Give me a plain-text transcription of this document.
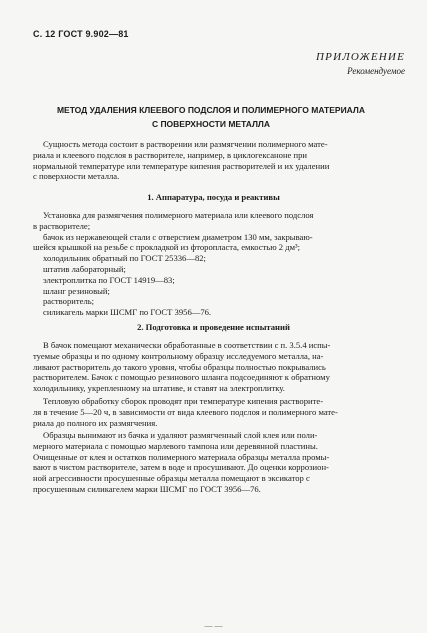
С. 12 ГОСТ 9.902—81
ПРИЛОЖЕНИЕ
Рекомендуемое
МЕТОД УДАЛЕНИЯ КЛЕЕВОГО ПОДСЛОЯ И ПОЛИМЕРНОГО МАТЕРИАЛА
С ПОВЕРХНОСТИ МЕТАЛЛА

Сущность метода состоит в растворении или размягчении полимерного мате-

риала и клеевого подслоя в растворителе, например, в циклогексаноне при

нормальной температуре или температуре кипения растворителей и их удалении

с поверхности металла.

1. Аппаратура, посуда и реактивы

Установка для размягчения полимерного материала или клеевого подслоя

в растворителе;

бачок из нержавеющей стали с отверстием диаметром 130 мм, закрываю-

шейся крышкой на резьбе с прокладкой из фторопласта, емкостью 2 дм³;

холодильник обратный по ГОСТ 25336—82;

штатив лабораторный;

электроплитка по ГОСТ 14919—83;

шланг резиновый;

растворитель;

силикагель марки ШСМГ по ГОСТ 3956—76.

2. Подготовка и проведение испытаний

В бачок помещают механически обработанные в соответствии с п. 3.5.4 испы-

туемые образцы и по одному контрольному образцу исследуемого металла, на-

ливают растворитель до такого уровня, чтобы образцы полностью покрывались

растворителем. Бачок с помощью резинового шланга подсоединяют к обратному

холодильнику, укрепленному на штативе, и ставят на электроплитку.

Тепловую обработку сборок проводят при температуре кипения растворите-

ля в течение 5—20 ч, в зависимости от вида клеевого подслоя и полимерного мате-

риала до полного их размягчения.

Образцы вынимают из бачка и удаляют размягченный слой клея или поли-

мерного материала с помощью марлевого тампона или деревянной пластины.

Очищенные от клея и остатков полимерного материала образцы металла промы-

вают в чистом растворителе, затем в воде и просушивают. До оценки коррозион-

ной агрессивности просушенные образцы металла помещают в эксикатор с

просушенным силикагелем марки ШСМГ по ГОСТ 3956—76.

— —
